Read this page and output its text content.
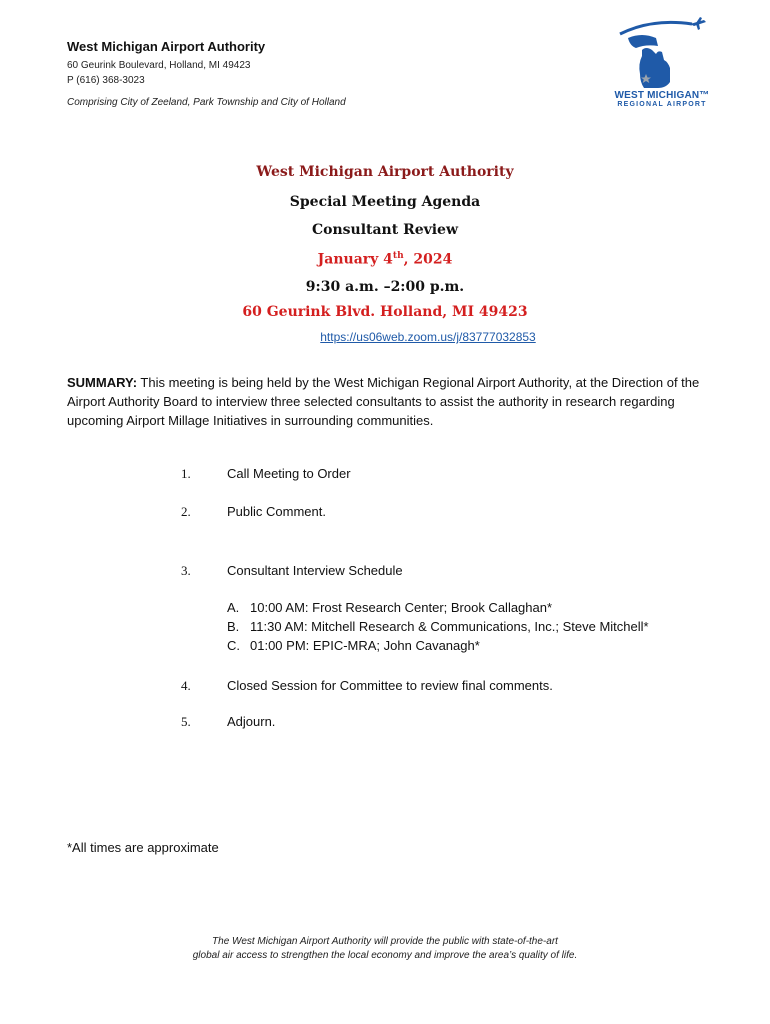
West Michigan Airport Authority
60 Geurink Boulevard, Holland, MI 49423
P (616) 368-3023
Comprising City of Zeeland, Park Township and City of Holland
WEST MICHIGAN™
REGIONAL AIRPORT
West Michigan Airport Authority
Special Meeting Agenda
Consultant Review
January 4th, 2024
9:30 a.m. –2:00 p.m.
60 Geurink Blvd. Holland, MI 49423
https://us06web.zoom.us/j/83777032853
SUMMARY: This meeting is being held by the West Michigan Regional Airport Authority, at the Direction of the Airport Authority Board to interview three selected consultants to assist the authority in research regarding upcoming Airport Millage Initiatives in surrounding communities.
1.	Call Meeting to Order
2.	Public Comment.
3.	Consultant Interview Schedule
A. 10:00 AM: Frost Research Center; Brook Callaghan*
B. 11:30 AM: Mitchell Research & Communications, Inc.; Steve Mitchell*
C. 01:00 PM: EPIC-MRA; John Cavanagh*
4.	Closed Session for Committee to review final comments.
5.	Adjourn.
*All times are approximate
The West Michigan Airport Authority will provide the public with state-of-the-art
global air access to strengthen the local economy and improve the area’s quality of life.
